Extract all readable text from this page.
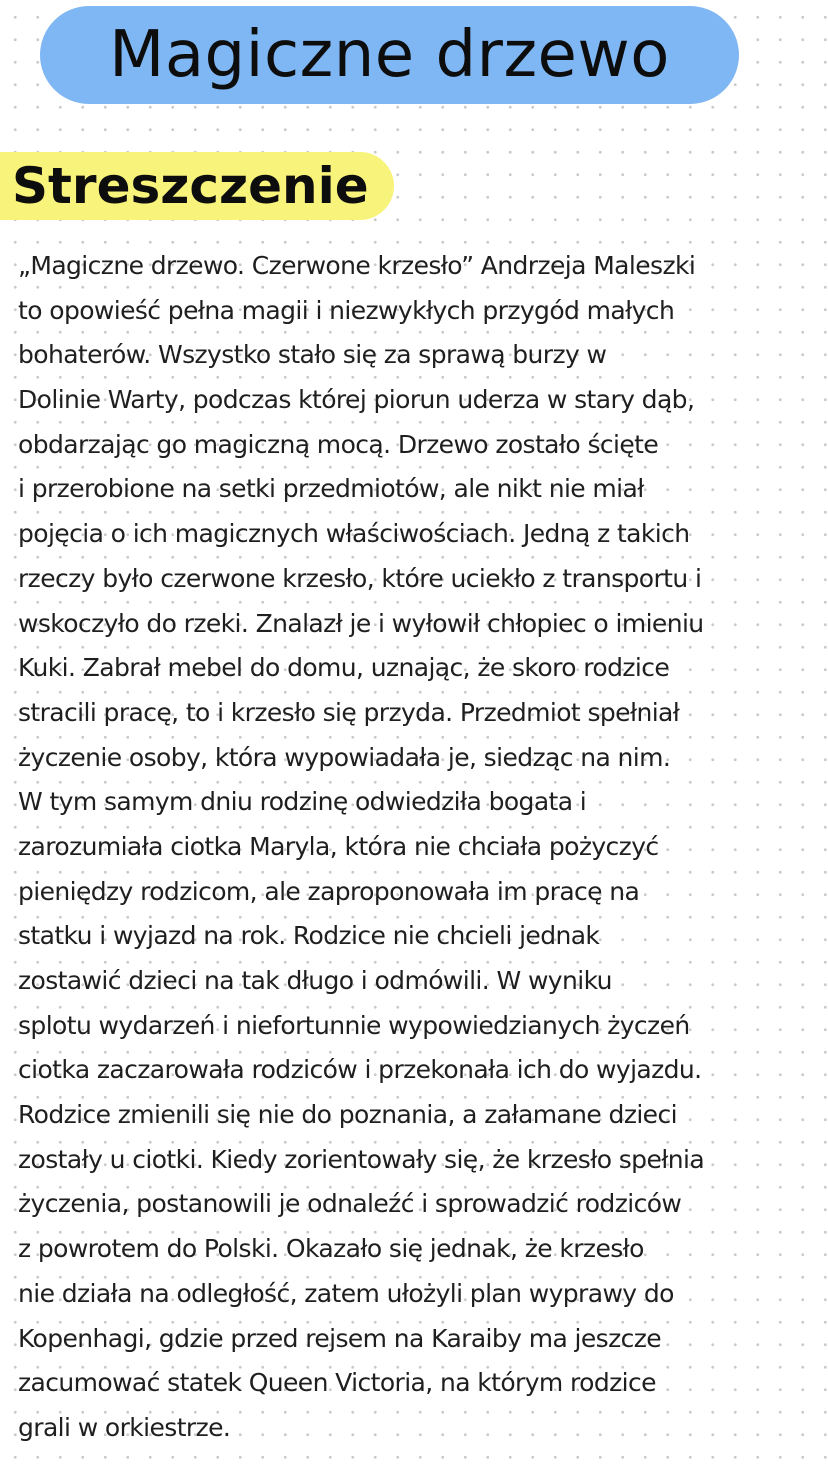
Magiczne drzewo
Streszczenie
„Magiczne drzewo. Czerwone krzesło” Andrzeja Maleszki
to opowieść pełna magii i niezwykłych przygód małych
bohaterów. Wszystko stało się za sprawą burzy w
Dolinie Warty, podczas której piorun uderza w stary dąb,
obdarzając go magiczną mocą. Drzewo zostało ścięte
i przerobione na setki przedmiotów, ale nikt nie miał
pojęcia o ich magicznych właściwościach. Jedną z takich
rzeczy było czerwone krzesło, które uciekło z transportu i
wskoczyło do rzeki. Znalazł je i wyłowił chłopiec o imieniu
Kuki. Zabrał mebel do domu, uznając, że skoro rodzice
stracili pracę, to i krzesło się przyda. Przedmiot spełniał
życzenie osoby, która wypowiadała je, siedząc na nim.
W tym samym dniu rodzinę odwiedziła bogata i
zarozumiała ciotka Maryla, która nie chciała pożyczyć
pieniędzy rodzicom, ale zaproponowała im pracę na
statku i wyjazd na rok. Rodzice nie chcieli jednak
zostawić dzieci na tak długo i odmówili. W wyniku
splotu wydarzeń i niefortunnie wypowiedzianych życzeń
ciotka zaczarowała rodziców i przekonała ich do wyjazdu.
Rodzice zmienili się nie do poznania, a załamane dzieci
zostały u ciotki. Kiedy zorientowały się, że krzesło spełnia
życzenia, postanowili je odnaleźć i sprowadzić rodziców
z powrotem do Polski. Okazało się jednak, że krzesło
nie działa na odległość, zatem ułożyli plan wyprawy do
Kopenhagi, gdzie przed rejsem na Karaiby ma jeszcze
zacumować statek Queen Victoria, na którym rodzice
grali w orkiestrze.
